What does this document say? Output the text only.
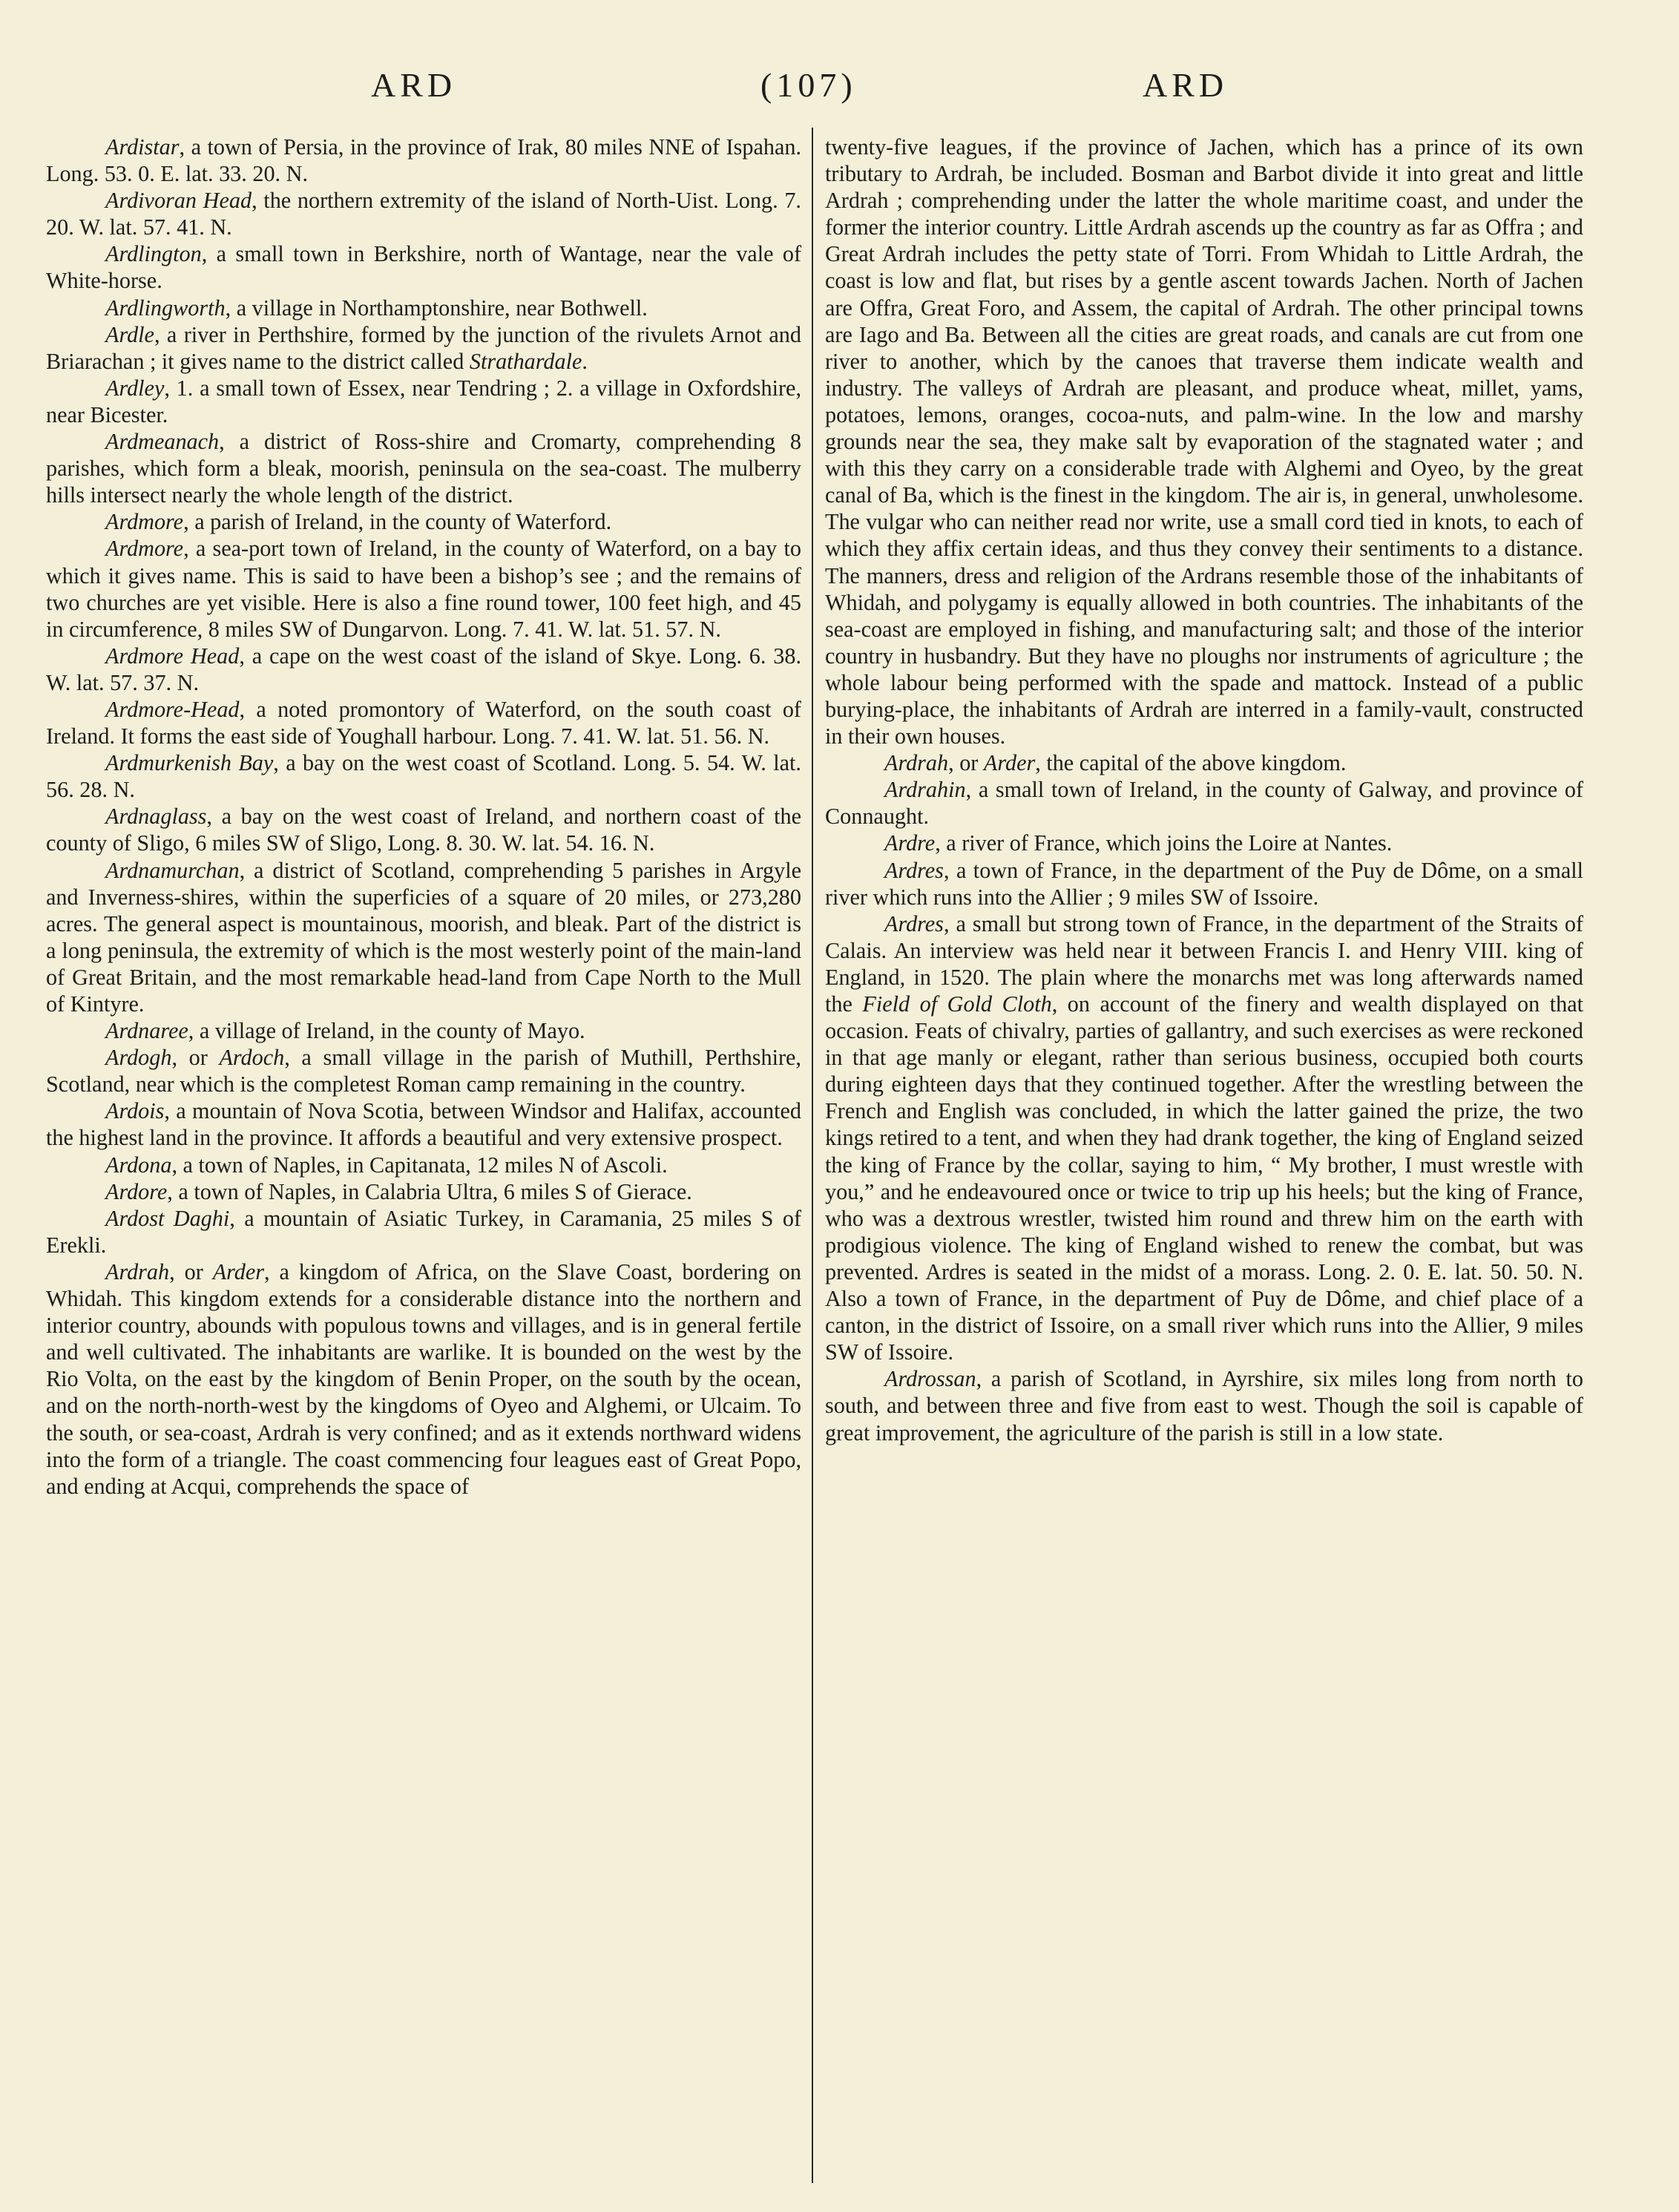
ARD	(107)	ARD

Ardistar, a town of Persia, in the province of Irak, 80 miles NNE of Ispahan. Long. 53. 0. E. lat. 33. 20. N.

Ardivoran Head, the northern extremity of the island of North-Uist. Long. 7. 20. W. lat. 57. 41. N.

Ardlington, a small town in Berkshire, north of Wantage, near the vale of White-horse.

Ardlingworth, a village in Northamptonshire, near Bothwell.

Ardle, a river in Perthshire, formed by the junction of the rivulets Arnot and Briarachan ; it gives name to the district called Strathardale.

Ardley, 1. a small town of Essex, near Tendring ; 2. a village in Oxfordshire, near Bicester.

Ardmeanach, a district of Ross-shire and Cromarty, comprehending 8 parishes, which form a bleak, moorish, peninsula on the sea-coast. The mulberry hills intersect nearly the whole length of the district.

Ardmore, a parish of Ireland, in the county of Waterford.

Ardmore, a sea-port town of Ireland, in the county of Waterford, on a bay to which it gives name. This is said to have been a bishop’s see ; and the remains of two churches are yet visible. Here is also a fine round tower, 100 feet high, and 45 in circumference, 8 miles SW of Dungarvon. Long. 7. 41. W. lat. 51. 57. N.

Ardmore Head, a cape on the west coast of the island of Skye. Long. 6. 38. W. lat. 57. 37. N.

Ardmore-Head, a noted promontory of Waterford, on the south coast of Ireland. It forms the east side of Youghall harbour. Long. 7. 41. W. lat. 51. 56. N.

Ardmurkenish Bay, a bay on the west coast of Scotland. Long. 5. 54. W. lat. 56. 28. N.

Ardnaglass, a bay on the west coast of Ireland, and northern coast of the county of Sligo, 6 miles SW of Sligo, Long. 8. 30. W. lat. 54. 16. N.

Ardnamurchan, a district of Scotland, comprehending 5 parishes in Argyle and Inverness-shires, within the superficies of a square of 20 miles, or 273,280 acres. The general aspect is mountainous, moorish, and bleak. Part of the district is a long peninsula, the extremity of which is the most westerly point of the main-land of Great Britain, and the most remarkable head-land from Cape North to the Mull of Kintyre.

Ardnaree, a village of Ireland, in the county of Mayo.

Ardogh, or Ardoch, a small village in the parish of Muthill, Perthshire, Scotland, near which is the completest Roman camp remaining in the country.

Ardois, a mountain of Nova Scotia, between Windsor and Halifax, accounted the highest land in the province. It affords a beautiful and very extensive prospect.

Ardona, a town of Naples, in Capitanata, 12 miles N of Ascoli.

Ardore, a town of Naples, in Calabria Ultra, 6 miles S of Gierace.

Ardost Daghi, a mountain of Asiatic Turkey, in Caramania, 25 miles S of Erekli.

Ardrah, or Arder, a kingdom of Africa, on the Slave Coast, bordering on Whidah. This kingdom extends for a considerable distance into the northern and interior country, abounds with populous towns and villages, and is in general fertile and well cultivated. The inhabitants are warlike. It is bounded on the west by the Rio Volta, on the east by the kingdom of Benin Proper, on the south by the ocean, and on the north-north-west by the kingdoms of Oyeo and Alghemi, or Ulcaim. To the south, or sea-coast, Ardrah is very confined; and as it extends northward widens into the form of a triangle. The coast commencing four leagues east of Great Popo, and ending at Acqui, comprehends the space of

twenty-five leagues, if the province of Jachen, which has a prince of its own tributary to Ardrah, be included. Bosman and Barbot divide it into great and little Ardrah ; comprehending under the latter the whole maritime coast, and under the former the interior country. Little Ardrah ascends up the country as far as Offra ; and Great Ardrah includes the petty state of Torri. From Whidah to Little Ardrah, the coast is low and flat, but rises by a gentle ascent towards Jachen. North of Jachen are Offra, Great Foro, and Assem, the capital of Ardrah. The other principal towns are Iago and Ba. Between all the cities are great roads, and canals are cut from one river to another, which by the canoes that traverse them indicate wealth and industry. The valleys of Ardrah are pleasant, and produce wheat, millet, yams, potatoes, lemons, oranges, cocoa-nuts, and palm-wine. In the low and marshy grounds near the sea, they make salt by evaporation of the stagnated water ; and with this they carry on a considerable trade with Alghemi and Oyeo, by the great canal of Ba, which is the finest in the kingdom. The air is, in general, unwholesome. The vulgar who can neither read nor write, use a small cord tied in knots, to each of which they affix certain ideas, and thus they convey their sentiments to a distance. The manners, dress and religion of the Ardrans resemble those of the inhabitants of Whidah, and polygamy is equally allowed in both countries. The inhabitants of the sea-coast are employed in fishing, and manufacturing salt; and those of the interior country in husbandry. But they have no ploughs nor instruments of agriculture ; the whole labour being performed with the spade and mattock. Instead of a public burying-place, the inhabitants of Ardrah are interred in a family-vault, constructed in their own houses.

Ardrah, or Arder, the capital of the above kingdom.

Ardrahin, a small town of Ireland, in the county of Galway, and province of Connaught.

Ardre, a river of France, which joins the Loire at Nantes.

Ardres, a town of France, in the department of the Puy de Dôme, on a small river which runs into the Allier ; 9 miles SW of Issoire.

Ardres, a small but strong town of France, in the department of the Straits of Calais. An interview was held near it between Francis I. and Henry VIII. king of England, in 1520. The plain where the monarchs met was long afterwards named the Field of Gold Cloth, on account of the finery and wealth displayed on that occasion. Feats of chivalry, parties of gallantry, and such exercises as were reckoned in that age manly or elegant, rather than serious business, occupied both courts during eighteen days that they continued together. After the wrestling between the French and English was concluded, in which the latter gained the prize, the two kings retired to a tent, and when they had drank together, the king of England seized the king of France by the collar, saying to him, “ My brother, I must wrestle with you,” and he endeavoured once or twice to trip up his heels; but the king of France, who was a dextrous wrestler, twisted him round and threw him on the earth with prodigious violence. The king of England wished to renew the combat, but was prevented. Ardres is seated in the midst of a morass. Long. 2. 0. E. lat. 50. 50. N. Also a town of France, in the department of Puy de Dôme, and chief place of a canton, in the district of Issoire, on a small river which runs into the Allier, 9 miles SW of Issoire.

Ardrossan, a parish of Scotland, in Ayrshire, six miles long from north to south, and between three and five from east to west. Though the soil is capable of great improvement, the agriculture of the parish is still in a low state.
